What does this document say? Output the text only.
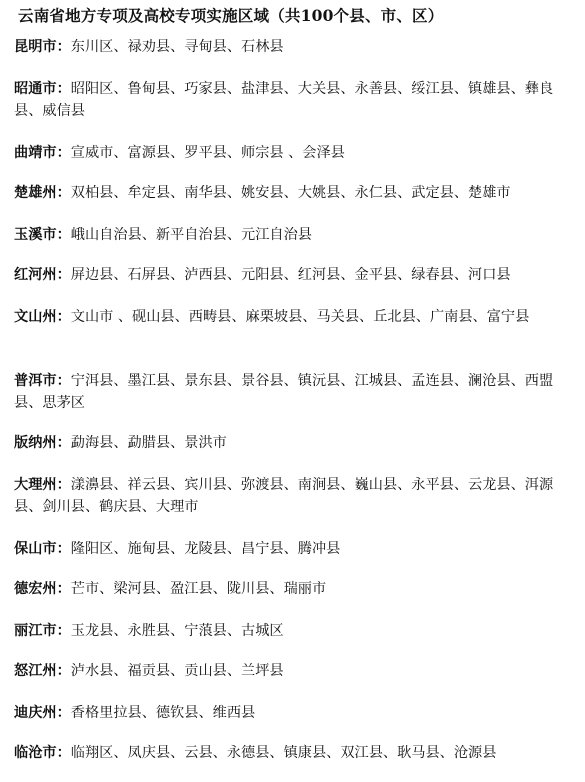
云南省地方专项及高校专项实施区域（共100个县、市、区）
昆明市：东川区、禄劝县、寻甸县、石林县
昭通市：昭阳区、鲁甸县、巧家县、盐津县、大关县、永善县、绥江县、镇雄县、彝良县、威信县
曲靖市：宣威市、富源县、罗平县、师宗县 、会泽县
楚雄州：双柏县、牟定县、南华县、姚安县、大姚县、永仁县、武定县、楚雄市
玉溪市：峨山自治县、新平自治县、元江自治县
红河州：屏边县、石屏县、泸西县、元阳县、红河县、金平县、绿春县、河口县
文山州：文山市 、砚山县、西畴县、麻栗坡县、马关县、丘北县、广南县、富宁县
普洱市：宁洱县、墨江县、景东县、景谷县、镇沅县、江城县、孟连县、澜沧县、西盟县、思茅区
版纳州：勐海县、勐腊县、景洪市
大理州：漾濞县、祥云县、宾川县、弥渡县、南涧县、巍山县、永平县、云龙县、洱源县、剑川县、鹤庆县、大理市
保山市：隆阳区、施甸县、龙陵县、昌宁县、腾冲县
德宏州：芒市、梁河县、盈江县、陇川县、瑞丽市
丽江市：玉龙县、永胜县、宁蒗县、古城区
怒江州：泸水县、福贡县、贡山县、兰坪县
迪庆州：香格里拉县、德钦县、维西县
临沧市：临翔区、凤庆县、云县、永德县、镇康县、双江县、耿马县、沧源县
